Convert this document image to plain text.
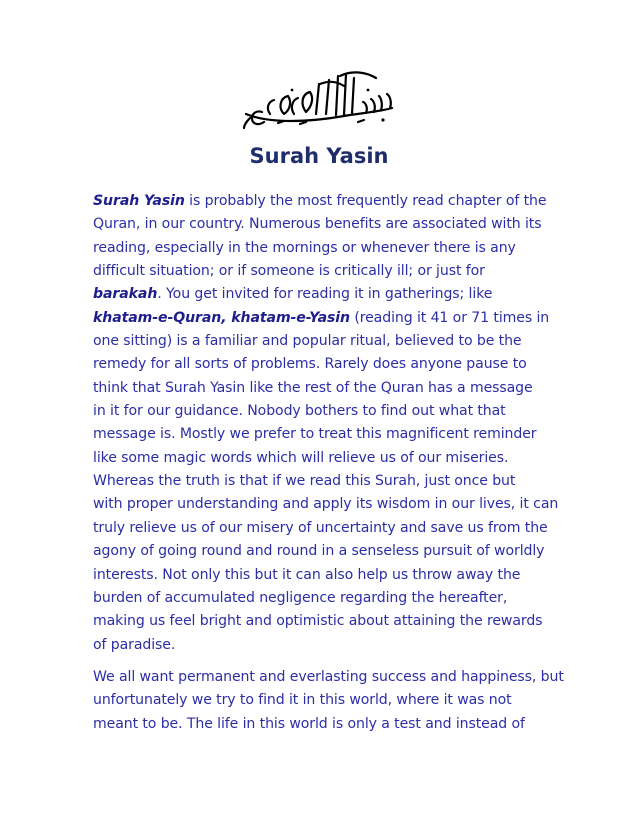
Surah Yasin

Surah Yasin is probably the most frequently read chapter of the
Quran, in our country. Numerous benefits are associated with its
reading, especially in the mornings or whenever there is any
difficult situation; or if someone is critically ill; or just for
barakah. You get invited for reading it in gatherings; like
khatam-e-Quran, khatam-e-Yasin (reading it 41 or 71 times in
one sitting) is a familiar and popular ritual, believed to be the
remedy for all sorts of problems. Rarely does anyone pause to
think that Surah Yasin like the rest of the Quran has a message
in it for our guidance. Nobody bothers to find out what that
message is. Mostly we prefer to treat this magnificent reminder
like some magic words which will relieve us of our miseries.
Whereas the truth is that if we read this Surah, just once but
with proper understanding and apply its wisdom in our lives, it can
truly relieve us of our misery of uncertainty and save us from the
agony of going round and round in a senseless pursuit of worldly
interests. Not only this but it can also help us throw away the
burden of accumulated negligence regarding the hereafter,
making us feel bright and optimistic about attaining the rewards
of paradise.

We all want permanent and everlasting success and happiness, but
unfortunately we try to find it in this world, where it was not
meant to be. The life in this world is only a test and instead of
